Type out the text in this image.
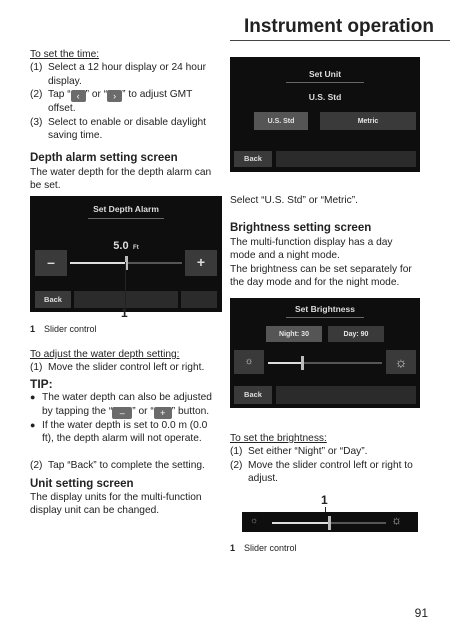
Instrument operation
To set the time:
(1) Select a 12 hour display or 24 hour display.
(2) Tap “ ‹ ” or “ › ” to adjust GMT offset.
(3) Select to enable or disable daylight saving time.
Depth alarm setting screen
The water depth for the depth alarm can be set.
Set Depth Alarm
5.0 Ft
–	+
Back
1
1 Slider control
To adjust the water depth setting:
(1) Move the slider control left or right.
TIP:
● The water depth can also be adjusted by tapping the “ – ” or “ + ” button.
● If the water depth is set to 0.0 m (0.0 ft), the depth alarm will not operate.
(2) Tap “Back” to complete the setting.
Unit setting screen
The display units for the multi-function display unit can be changed.
Set Unit
U.S. Std
U.S. Std	Metric
Back
Select “U.S. Std” or “Metric”.
Brightness setting screen
The multi-function display has a day mode and a night mode.
The brightness can be set separately for the day mode and for the night mode.
Set Brightness
Night: 30	Day: 90
☼	☼
Back
To set the brightness:
(1) Set either “Night” or “Day”.
(2) Move the slider control left or right to adjust.
1
☼	☼
1 Slider control
91
